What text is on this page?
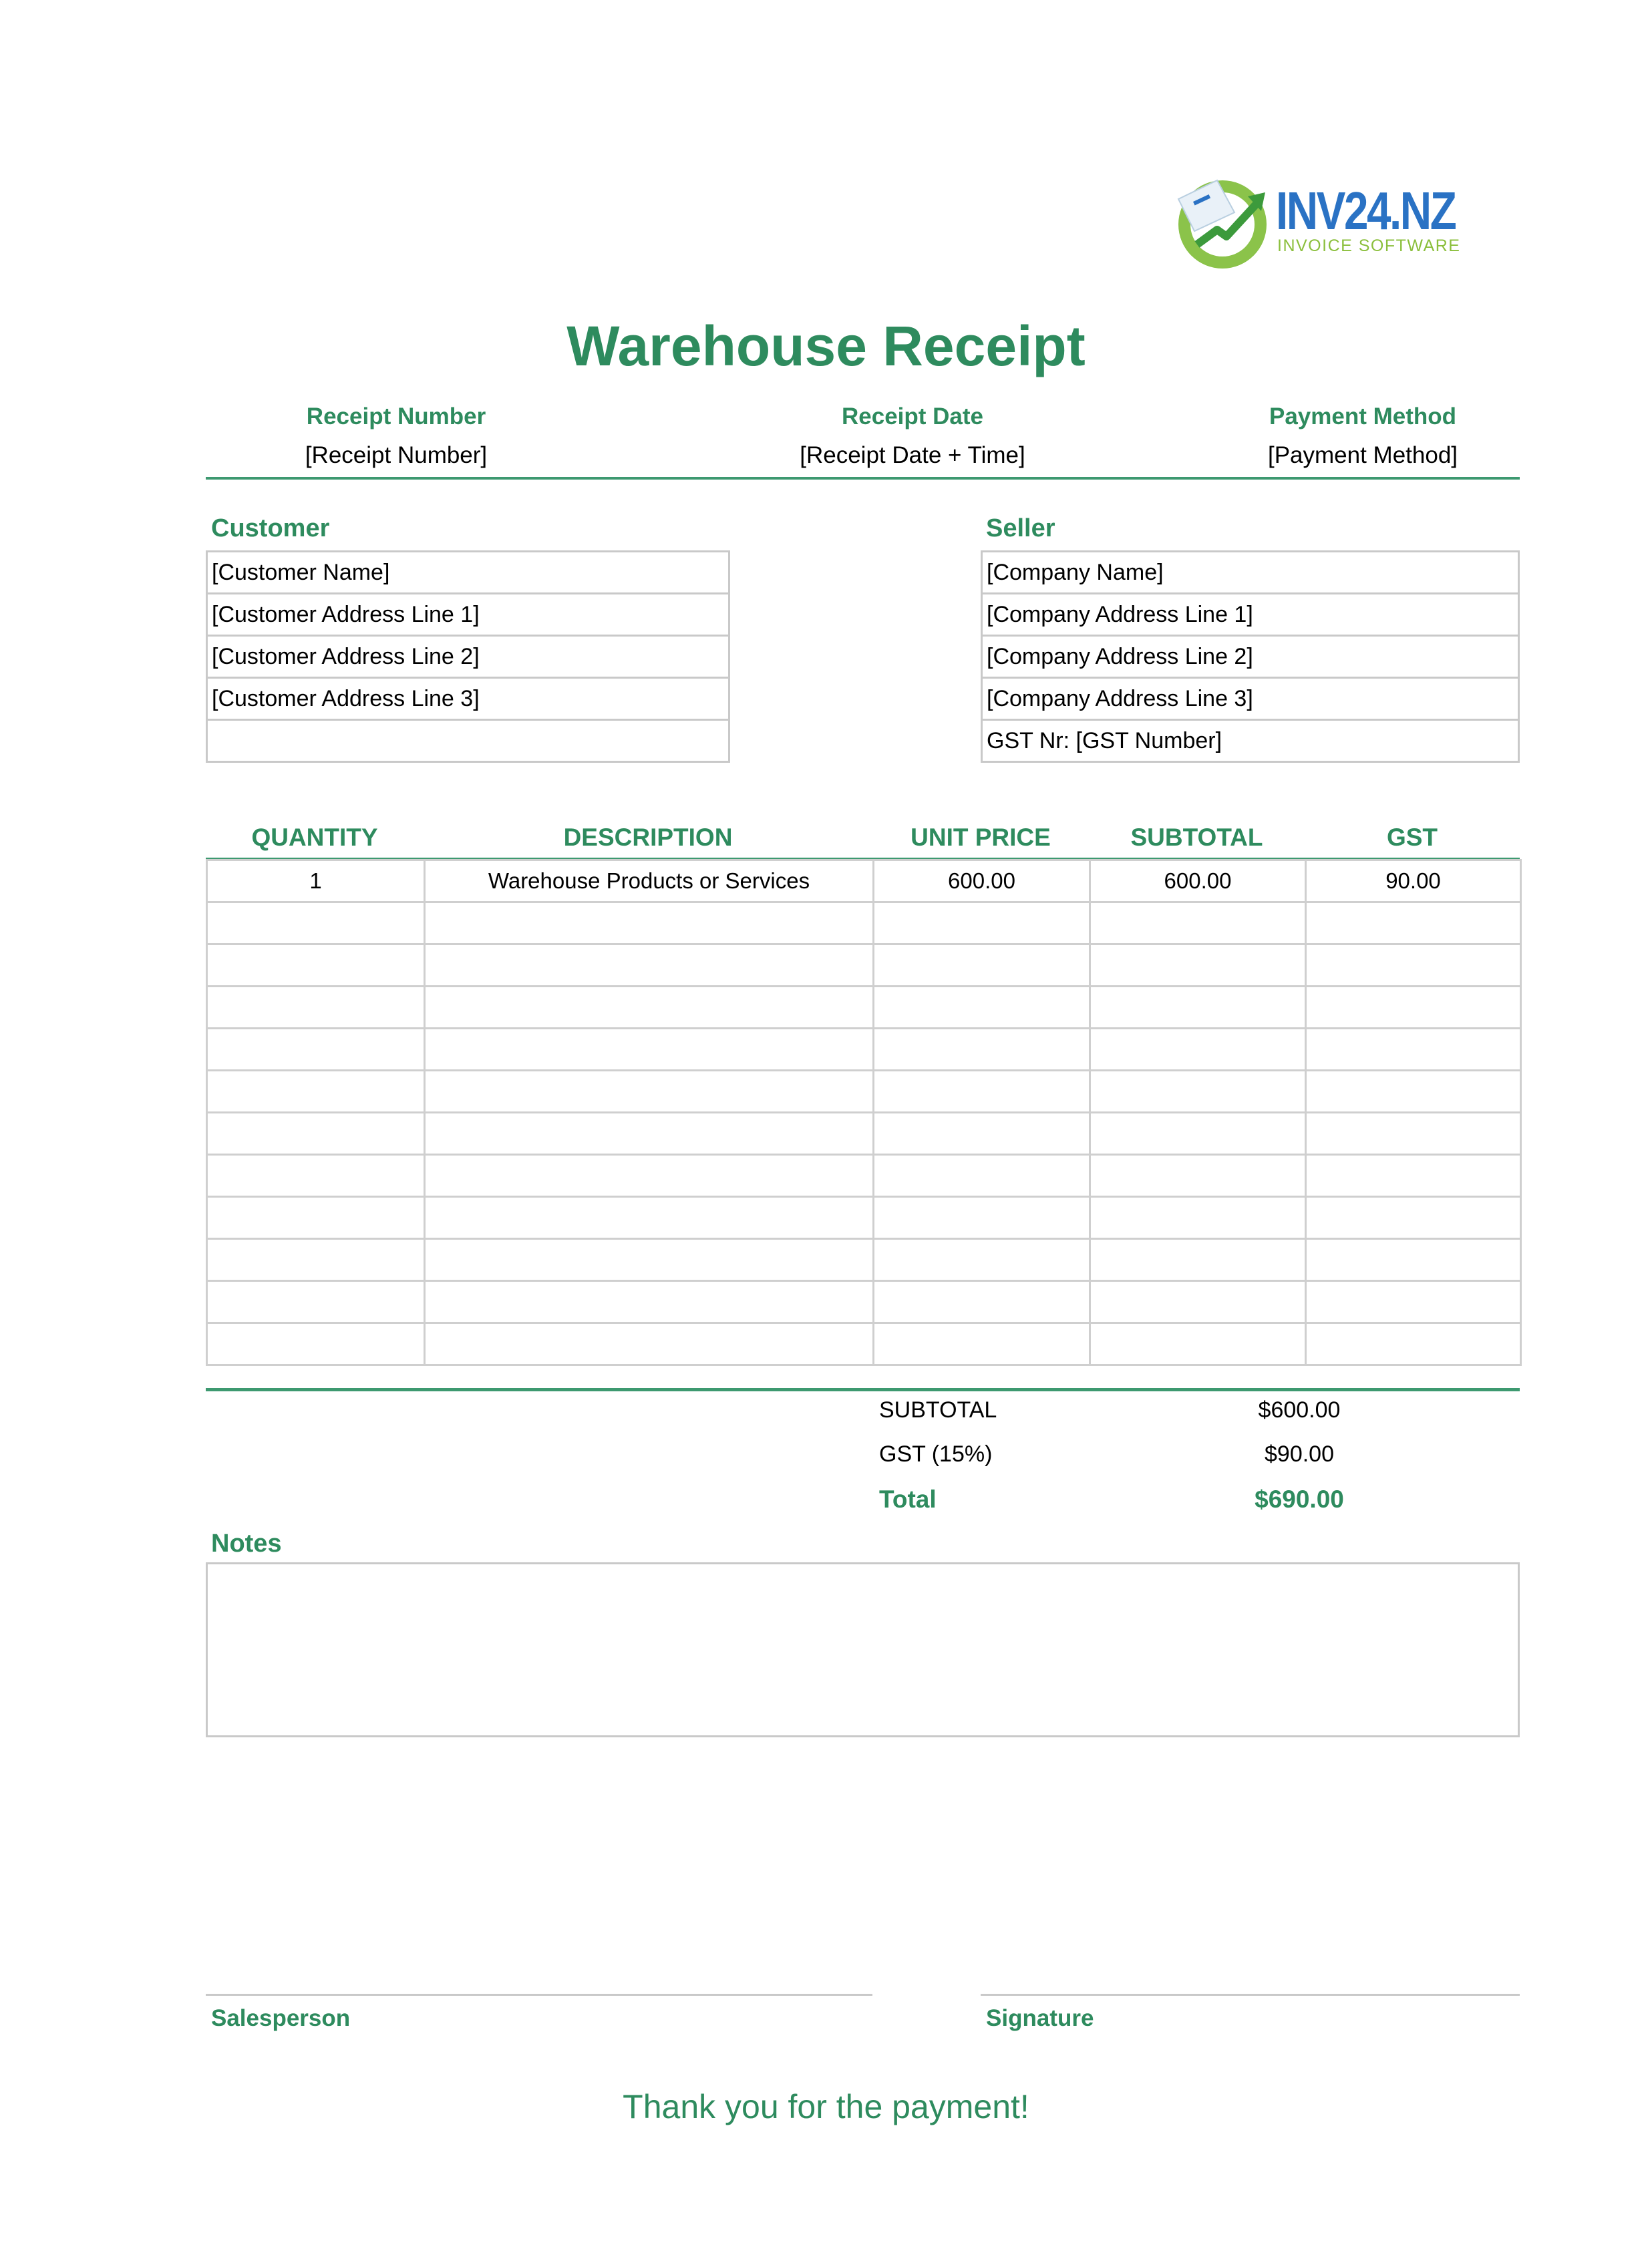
INV24.NZ
INVOICE SOFTWARE
Warehouse Receipt
Receipt Number
[Receipt Number]
Receipt Date
[Receipt Date + Time]
Payment Method
[Payment Method]
Customer
[Customer Name]
[Customer Address Line 1]
[Customer Address Line 2]
[Customer Address Line 3]

Seller
[Company Name]
[Company Address Line 1]
[Company Address Line 2]
[Company Address Line 3]
GST Nr: [GST Number]
QUANTITY	DESCRIPTION	UNIT PRICE	SUBTOTAL	GST
1	Warehouse Products or Services	600.00	600.00	90.00

SUBTOTAL	$600.00
GST (15%)	$90.00
Total	$690.00
Notes
Salesperson	Signature
Thank you for the payment!
